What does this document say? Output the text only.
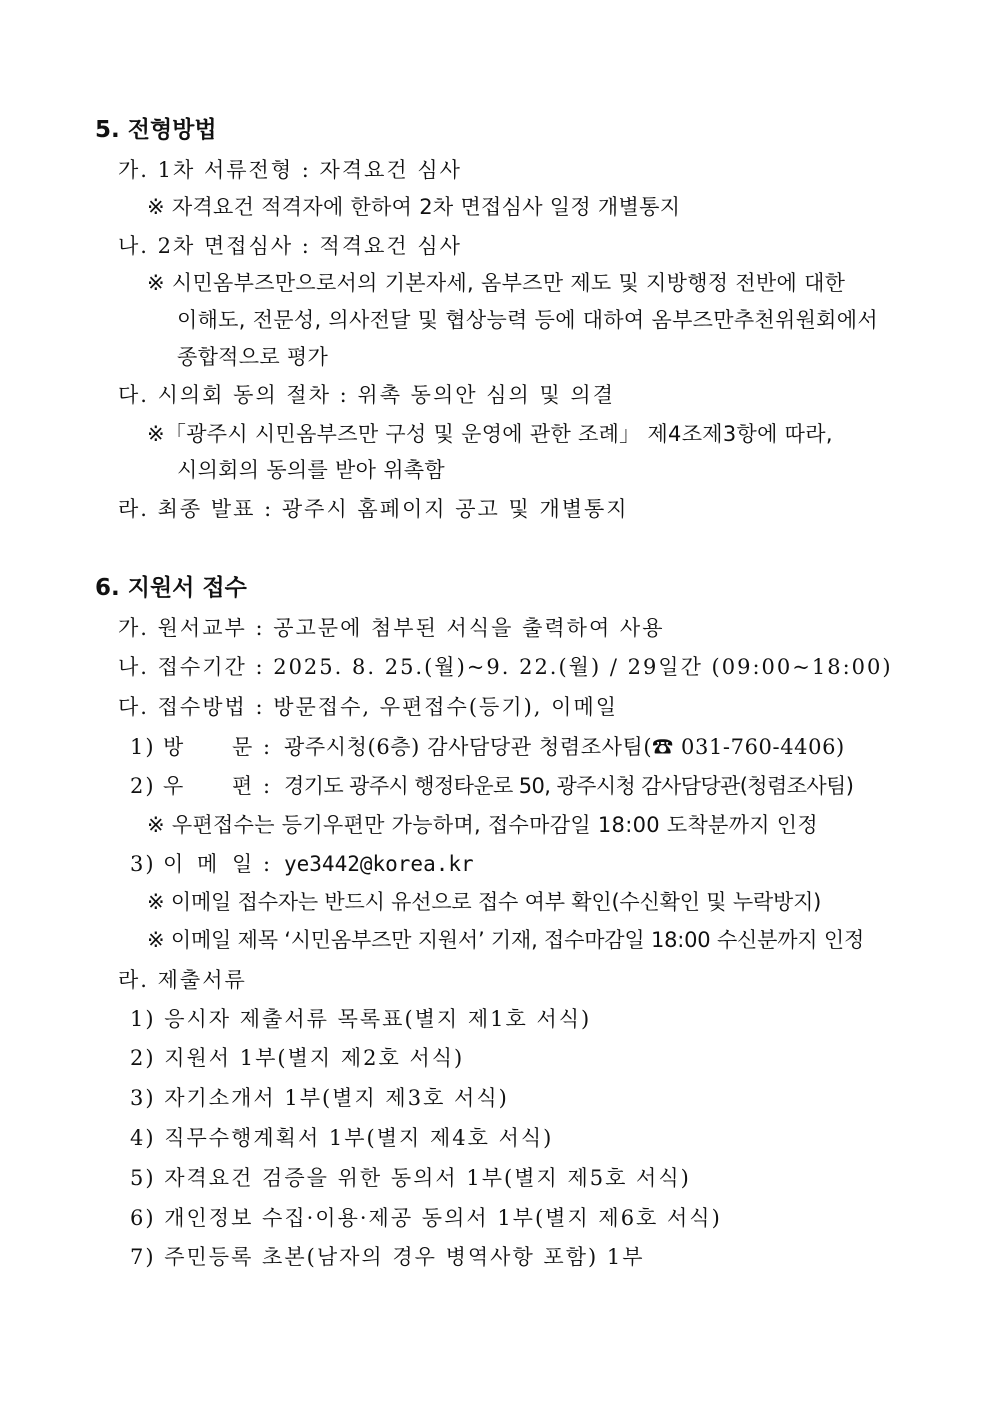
5. 전형방법
가. 1차 서류전형 : 자격요건 심사
※ 자격요건 적격자에 한하여 2차 면접심사 일정 개별통지
나. 2차 면접심사 : 적격요건 심사
※ 시민옴부즈만으로서의 기본자세, 옴부즈만 제도 및 지방행정 전반에 대한
이해도, 전문성, 의사전달 및 협상능력 등에 대하여 옴부즈만추천위원회에서
종합적으로 평가
다. 시의회 동의 절차 : 위촉 동의안 심의 및 의결
※「광주시 시민옴부즈만 구성 및 운영에 관한 조례」 제4조제3항에 따라,
시의회의 동의를 받아 위촉함
라. 최종 발표 : 광주시 홈페이지 공고 및 개별통지
6. 지원서 접수
가. 원서교부 : 공고문에 첨부된 서식을 출력하여 사용
나. 접수기간 : 2025. 8. 25.(월)~9. 22.(월) / 29일간 (09:00~18:00)
다. 접수방법 : 방문접수, 우편접수(등기), 이메일
1) 방 문 : 광주시청(6층) 감사담당관 청렴조사팀(☎ 031-760-4406)
2) 우 편 : 경기도 광주시 행정타운로 50, 광주시청 감사담당관(청렴조사팀)
※ 우편접수는 등기우편만 가능하며, 접수마감일 18:00 도착분까지 인정
3) 이 메 일 : ye3442@korea.kr
※ 이메일 접수자는 반드시 유선으로 접수 여부 확인(수신확인 및 누락방지)
※ 이메일 제목 ‘시민옴부즈만 지원서’ 기재, 접수마감일 18:00 수신분까지 인정
라. 제출서류
1) 응시자 제출서류 목록표(별지 제1호 서식)
2) 지원서 1부(별지 제2호 서식)
3) 자기소개서 1부(별지 제3호 서식)
4) 직무수행계획서 1부(별지 제4호 서식)
5) 자격요건 검증을 위한 동의서 1부(별지 제5호 서식)
6) 개인정보 수집·이용·제공 동의서 1부(별지 제6호 서식)
7) 주민등록 초본(남자의 경우 병역사항 포함) 1부
